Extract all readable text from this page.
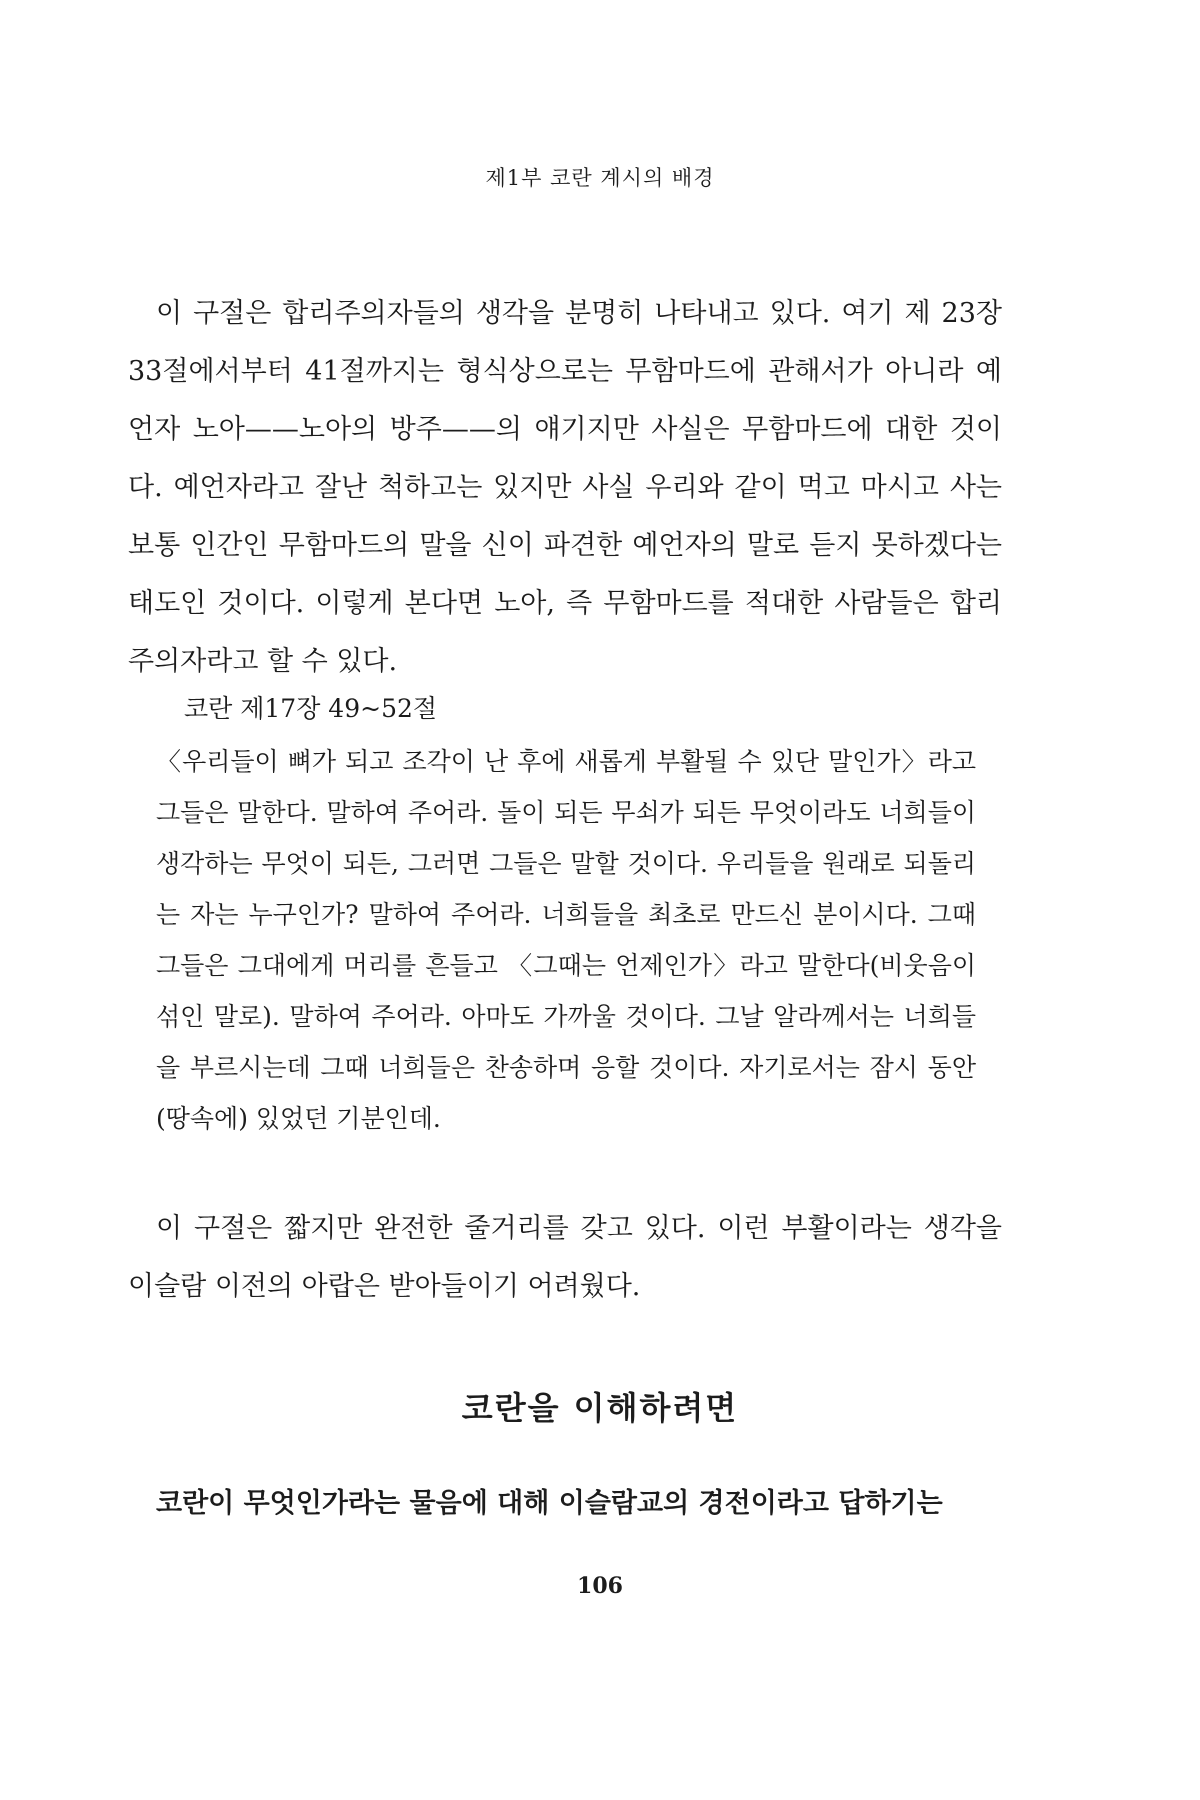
제1부 코란 계시의 배경

이 구절은 합리주의자들의 생각을 분명히 나타내고 있다. 여기 제 23장 33절에서부터 41절까지는 형식상으로는 무함마드에 관해서가 아니라 예언자 노아——노아의 방주——의 얘기지만 사실은 무함마드에 대한 것이다. 예언자라고 잘난 척하고는 있지만 사실 우리와 같이 먹고 마시고 사는 보통 인간인 무함마드의 말을 신이 파견한 예언자의 말로 듣지 못하겠다는 태도인 것이다. 이렇게 본다면 노아, 즉 무함마드를 적대한 사람들은 합리주의자라고 할 수 있다.

코란 제17장 49~52절

〈우리들이 뼈가 되고 조각이 난 후에 새롭게 부활될 수 있단 말인가〉라고 그들은 말한다. 말하여 주어라. 돌이 되든 무쇠가 되든 무엇이라도 너희들이 생각하는 무엇이 되든, 그러면 그들은 말할 것이다. 우리들을 원래로 되돌리는 자는 누구인가? 말하여 주어라. 너희들을 최초로 만드신 분이시다. 그때 그들은 그대에게 머리를 흔들고 〈그때는 언제인가〉라고 말한다(비웃음이 섞인 말로). 말하여 주어라. 아마도 가까울 것이다. 그날 알라께서는 너희들을 부르시는데 그때 너희들은 찬송하며 응할 것이다. 자기로서는 잠시 동안 (땅속에) 있었던 기분인데.

이 구절은 짧지만 완전한 줄거리를 갖고 있다. 이런 부활이라는 생각을 이슬람 이전의 아랍은 받아들이기 어려웠다.

코란을 이해하려면

코란이 무엇인가라는 물음에 대해 이슬람교의 경전이라고 답하기는

106
